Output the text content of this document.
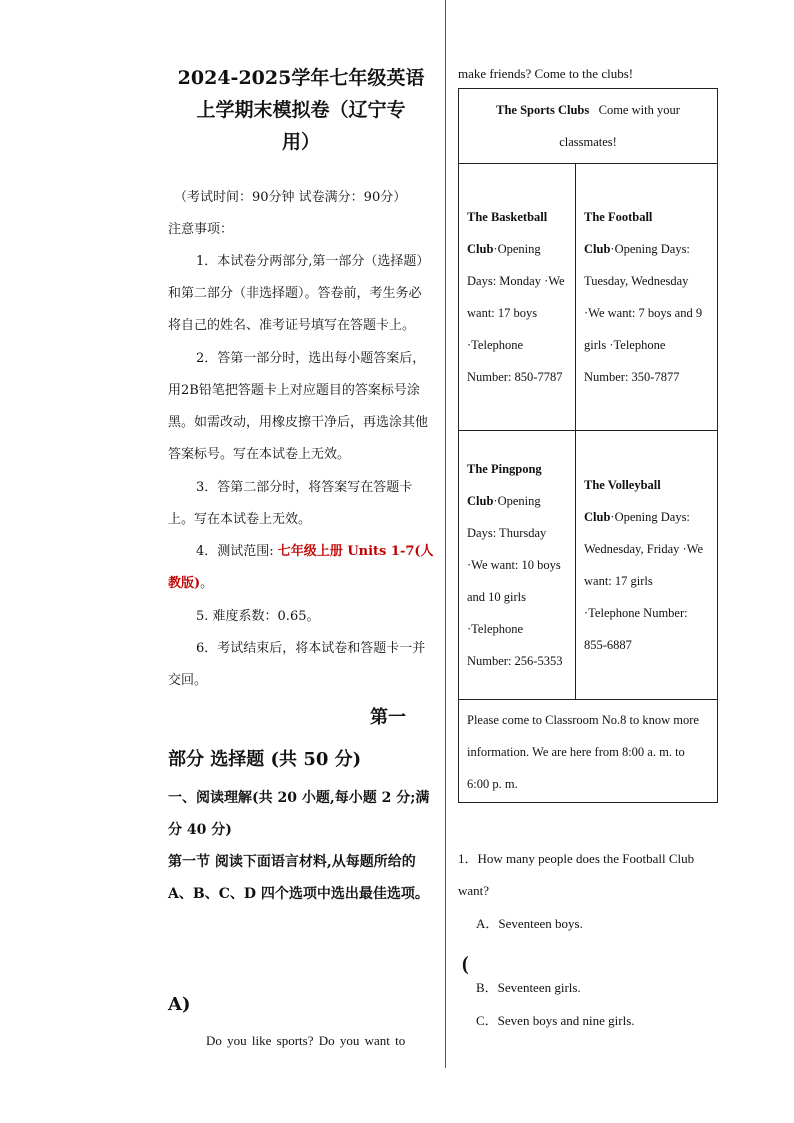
2024-2025学年七年级英语
上学期末模拟卷（辽宁专
用）
（考试时间：90分钟 试卷满分：90分）
注意事项：
1．本试卷分两部分,第一部分（选择题）和第二部分（非选择题）。答卷前，考生务必将自己的姓名、准考证号填写在答题卡上。
2．答第一部分时，选出每小题答案后，用2B铅笔把答题卡上对应题目的答案标号涂黑。如需改动，用橡皮擦干净后，再选涂其他答案标号。写在本试卷上无效。
3．答第二部分时，将答案写在答题卡上。写在本试卷上无效。
4．测试范围: 七年级上册 Units 1-7(人教版)。
5. 难度系数：0.65。
6．考试结束后，将本试卷和答题卡一并交回。
第一
部分 选择题 (共 50 分)
一、阅读理解(共 20 小题,每小题 2 分;满分 40 分)
第一节 阅读下面语言材料,从每题所给的 A、B、C、D 四个选项中选出最佳选项。
A)
Do you like sports? Do you want to
make friends? Come to the clubs!
The Sports Clubs Come with your classmates!	
The Basketball Club·Opening Days: Monday ·We want: 17 boys ·Telephone Number: 850-7787	The Football Club·Opening Days: Tuesday, Wednesday ·We want: 7 boys and 9 girls ·Telephone Number: 350-7877
The Pingpong Club·Opening Days: Thursday ·We want: 10 boys and 10 girls ·Telephone Number: 256-5353	The Volleyball Club·Opening Days: Wednesday, Friday ·We want: 17 girls ·Telephone Number: 855-6887
Please come to Classroom No.8 to know more information. We are here from 8:00 a. m. to 6:00 p. m.	
1．How many people does the Football Club want?
A．Seventeen boys.
(
B．Seventeen girls.
C．Seven boys and nine girls.
